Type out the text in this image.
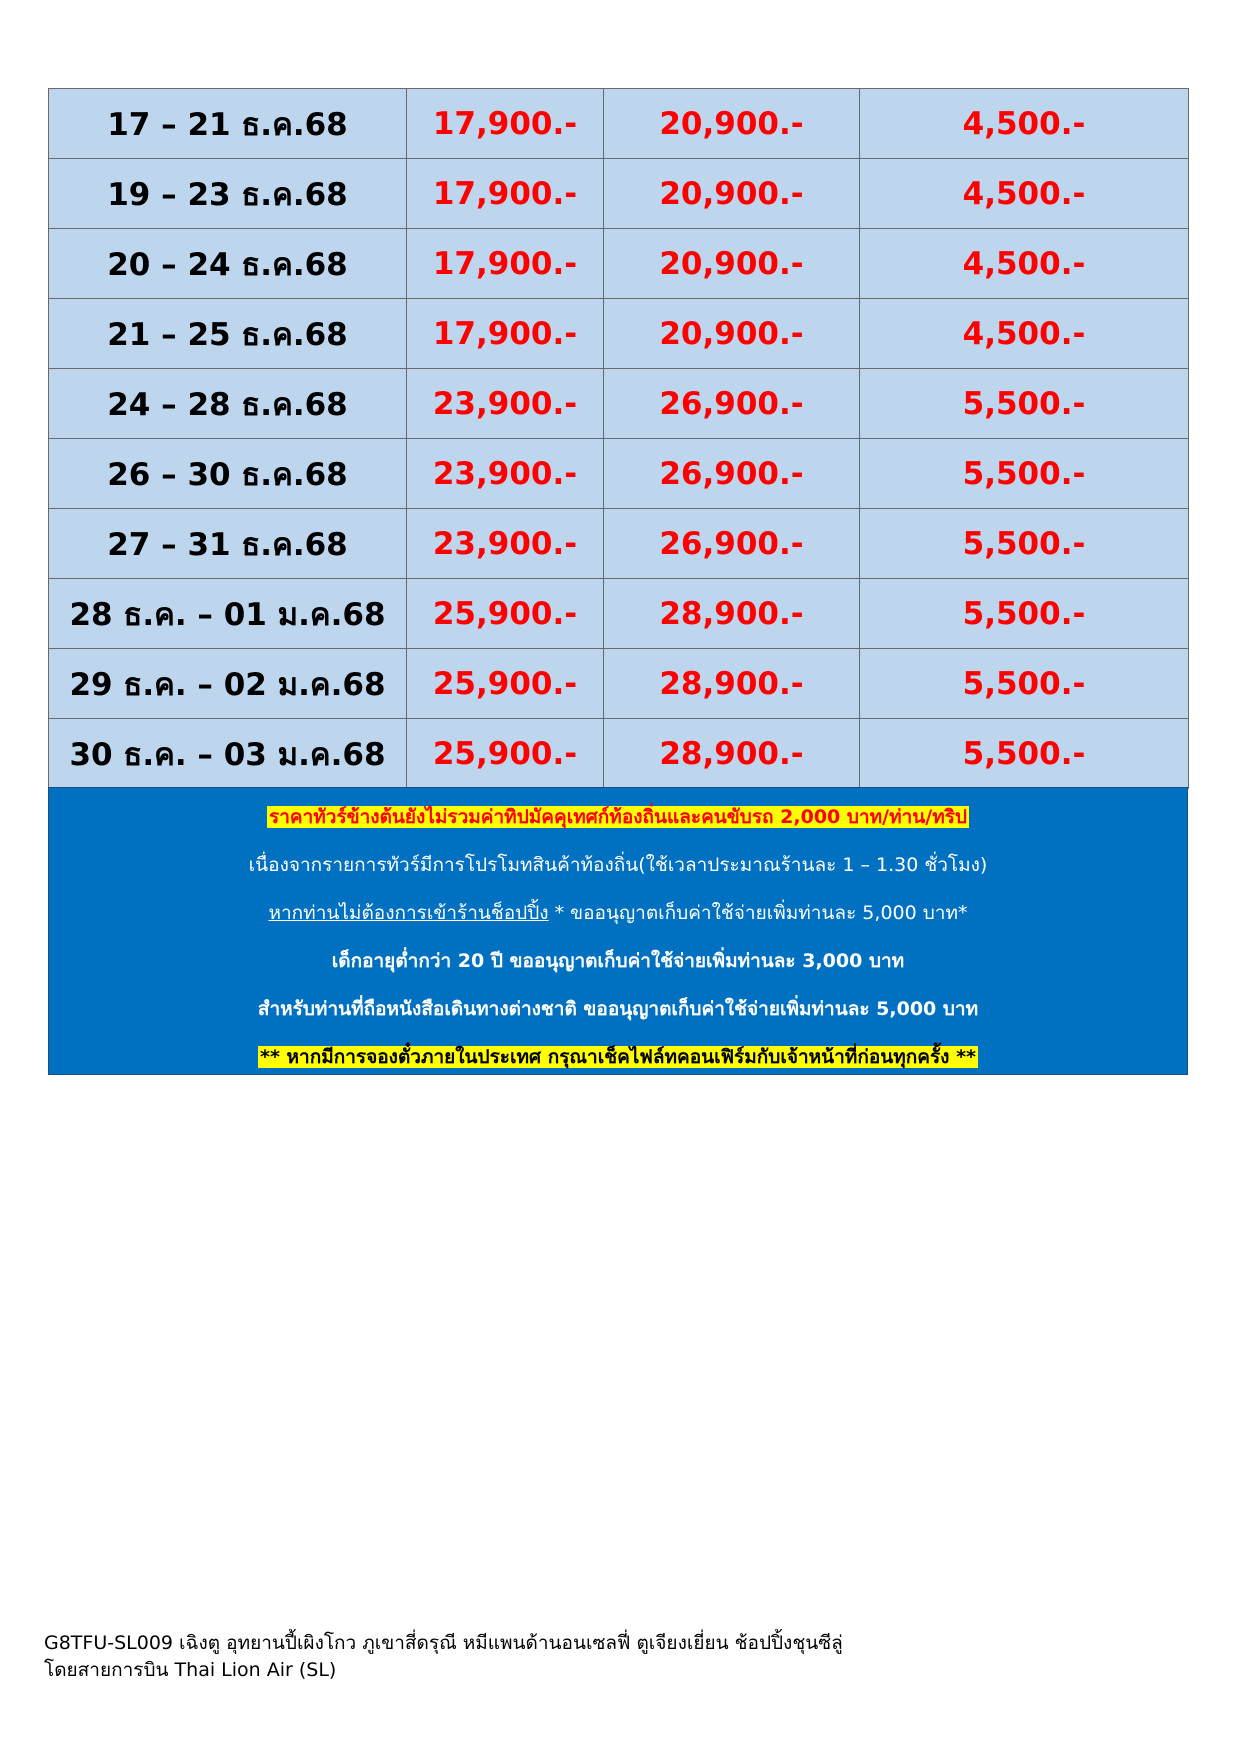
17 – 21 ธ.ค.68	17,900.-	20,900.-	4,500.-
19 – 23 ธ.ค.68	17,900.-	20,900.-	4,500.-
20 – 24 ธ.ค.68	17,900.-	20,900.-	4,500.-
21 – 25 ธ.ค.68	17,900.-	20,900.-	4,500.-
24 – 28 ธ.ค.68	23,900.-	26,900.-	5,500.-
26 – 30 ธ.ค.68	23,900.-	26,900.-	5,500.-
27 – 31 ธ.ค.68	23,900.-	26,900.-	5,500.-
28 ธ.ค. – 01 ม.ค.68	25,900.-	28,900.-	5,500.-
29 ธ.ค. – 02 ม.ค.68	25,900.-	28,900.-	5,500.-
30 ธ.ค. – 03 ม.ค.68	25,900.-	28,900.-	5,500.-
ราคาทัวร์ข้างต้นยังไม่รวมค่าทิปมัคคุเทศก์ท้องถิ่นและคนขับรถ 2,000 บาท/ท่าน/ทริป
เนื่องจากรายการทัวร์มีการโปรโมทสินค้าท้องถิ่น(ใช้เวลาประมาณร้านละ 1 – 1.30 ชั่วโมง)
หากท่านไม่ต้องการเข้าร้านช็อปปิ้ง * ขออนุญาตเก็บค่าใช้จ่ายเพิ่มท่านละ 5,000 บาท*
เด็กอายุต่ำกว่า 20 ปี ขออนุญาตเก็บค่าใช้จ่ายเพิ่มท่านละ 3,000 บาท
สำหรับท่านที่ถือหนังสือเดินทางต่างชาติ ขออนุญาตเก็บค่าใช้จ่ายเพิ่มท่านละ 5,000 บาท
** หากมีการจองตั๋วภายในประเทศ กรุณาเช็คไฟล์ทคอนเฟิร์มกับเจ้าหน้าที่ก่อนทุกครั้ง **
G8TFU-SL009 เฉิงตู อุทยานปี้เผิงโกว ภูเขาสี่ดรุณี หมีแพนด้านอนเซลฟี่ ตูเจียงเยี่ยน ช้อปปิ้งชุนซีลู่
โดยสายการบิน Thai Lion Air (SL)
